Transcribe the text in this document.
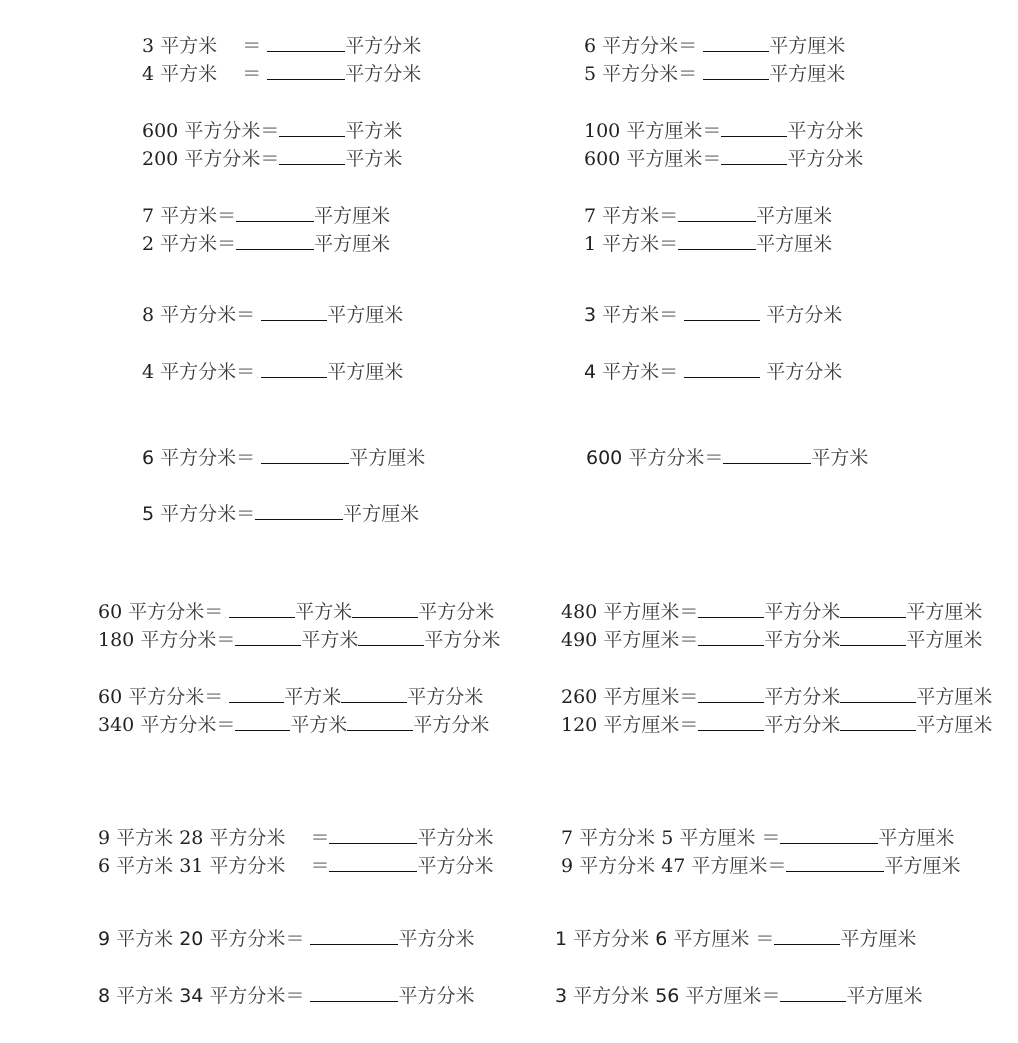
3 平方米　 ＝	平方分米
4 平方米　 ＝	平方分米
600 平方分米＝	平方米
200 平方分米＝	平方米
7 平方米＝	平方厘米
2 平方米＝	平方厘米
8 平方分米＝	平方厘米
4 平方分米＝	平方厘米
6 平方分米＝	平方厘米
5 平方分米＝	平方厘米
6 平方分米＝	平方厘米
5 平方分米＝	平方厘米
100 平方厘米＝	平方分米
600 平方厘米＝	平方分米
7 平方米＝	平方厘米
1 平方米＝	平方厘米
3 平方米＝	平方分米
4 平方米＝	平方分米
600 平方分米＝	平方米
60 平方分米＝	平方米	平方分米
180 平方分米＝	平方米	平方分米
60 平方分米＝	平方米	平方分米
340 平方分米＝	平方米	平方分米
480 平方厘米＝	平方分米	平方厘米
490 平方厘米＝	平方分米	平方厘米
260 平方厘米＝	平方分米	平方厘米
120 平方厘米＝	平方分米	平方厘米
9 平方米 28 平方分米　 ＝	平方分米
6 平方米 31 平方分米　 ＝	平方分米
9 平方米 20 平方分米＝	平方分米
8 平方米 34 平方分米＝	平方分米
7 平方分米 5 平方厘米 ＝	平方厘米
9 平方分米 47 平方厘米＝	平方厘米
1 平方分米 6 平方厘米 ＝	平方厘米
3 平方分米 56 平方厘米＝	平方厘米
